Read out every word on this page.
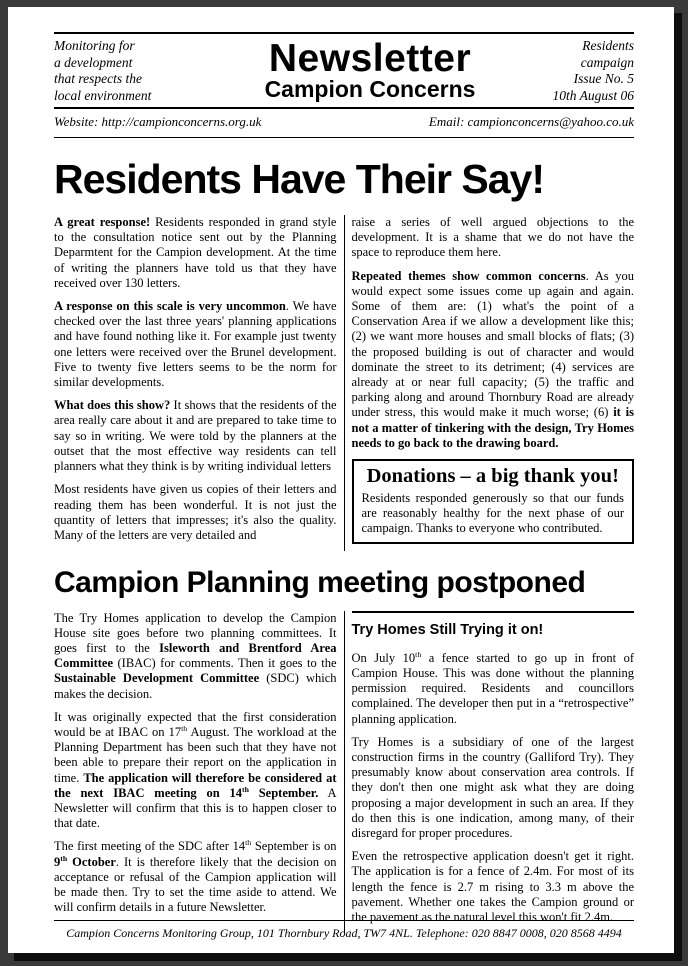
Monitoring for
a development
that respects the
local environment
Newsletter
Campion Concerns
Residents
campaign
Issue No. 5
10th August 06
Website: http://campionconcerns.org.uk	Email: campionconcerns@yahoo.co.uk
Residents Have Their Say!

A great response! Residents responded in grand style to the consultation notice sent out by the Planning Deparmtent for the Campion development. At the time of writing the planners have told us that they have received over 130 letters.

A response on this scale is very uncommon. We have checked over the last three years' planning applications and have found nothing like it. For example just twenty one letters were received over the Brunel development. Five to twenty five letters seems to be the norm for similar developments.

What does this show? It shows that the residents of the area really care about it and are prepared to take time to say so in writing. We were told by the planners at the outset that the most effective way residents can tell planners what they think is by writing individual letters

Most residents have given us copies of their letters and reading them has been wonderful. It is not just the quantity of letters that impresses; it's also the quality. Many of the letters are very detailed and

raise a series of well argued objections to the development. It is a shame that we do not have the space to reproduce them here.

Repeated themes show common concerns. As you would expect some issues come up again and again. Some of them are: (1) what's the point of a Conservation Area if we allow a development like this; (2) we want more houses and small blocks of flats; (3) the proposed building is out of character and would dominate the street to its detriment; (4) services are already at or near full capacity; (5) the traffic and parking along and around Thornbury Road are already under stress, this would make it much worse; (6) it is not a matter of tinkering with the design, Try Homes needs to go back to the drawing board.

Donations – a big thank you!

Residents responded generously so that our funds are reasonably healthy for the next phase of our campaign. Thanks to everyone who contributed.

Campion Planning meeting postponed

The Try Homes application to develop the Campion House site goes before two planning committees. It goes first to the Isleworth and Brentford Area Committee (IBAC) for comments. Then it goes to the Sustainable Development Committee (SDC) which makes the decision.

It was originally expected that the first consideration would be at IBAC on 17th August. The workload at the Planning Department has been such that they have not been able to prepare their report on the application in time. The application will therefore be considered at the next IBAC meeting on 14th September. A Newsletter will confirm that this is to happen closer to that date.

The first meeting of the SDC after 14th September is on 9th October. It is therefore likely that the decision on acceptance or refusal of the Campion application will be made then. Try to set the time aside to attend. We will confirm details in a future Newsletter.

Try Homes Still Trying it on!

On July 10th a fence started to go up in front of Campion House. This was done without the planning permission required. Residents and councillors complained. The developer then put in a “retrospective” planning application.

Try Homes is a subsidiary of one of the largest construction firms in the country (Galliford Try). They presumably know about conservation area controls. If they don't then one might ask what they are doing proposing a major development in such an area. If they do then this is one indication, among many, of their disregard for proper procedures.

Even the retrospective application doesn't get it right. The application is for a fence of 2.4m. For most of its length the fence is 2.7 m rising to 3.3 m above the pavement. Whether one takes the Campion ground or the pavement as the natural level this won't fit 2.4m.

Campion Concerns Monitoring Group, 101 Thornbury Road, TW7 4NL. Telephone: 020 8847 0008, 020 8568 4494
